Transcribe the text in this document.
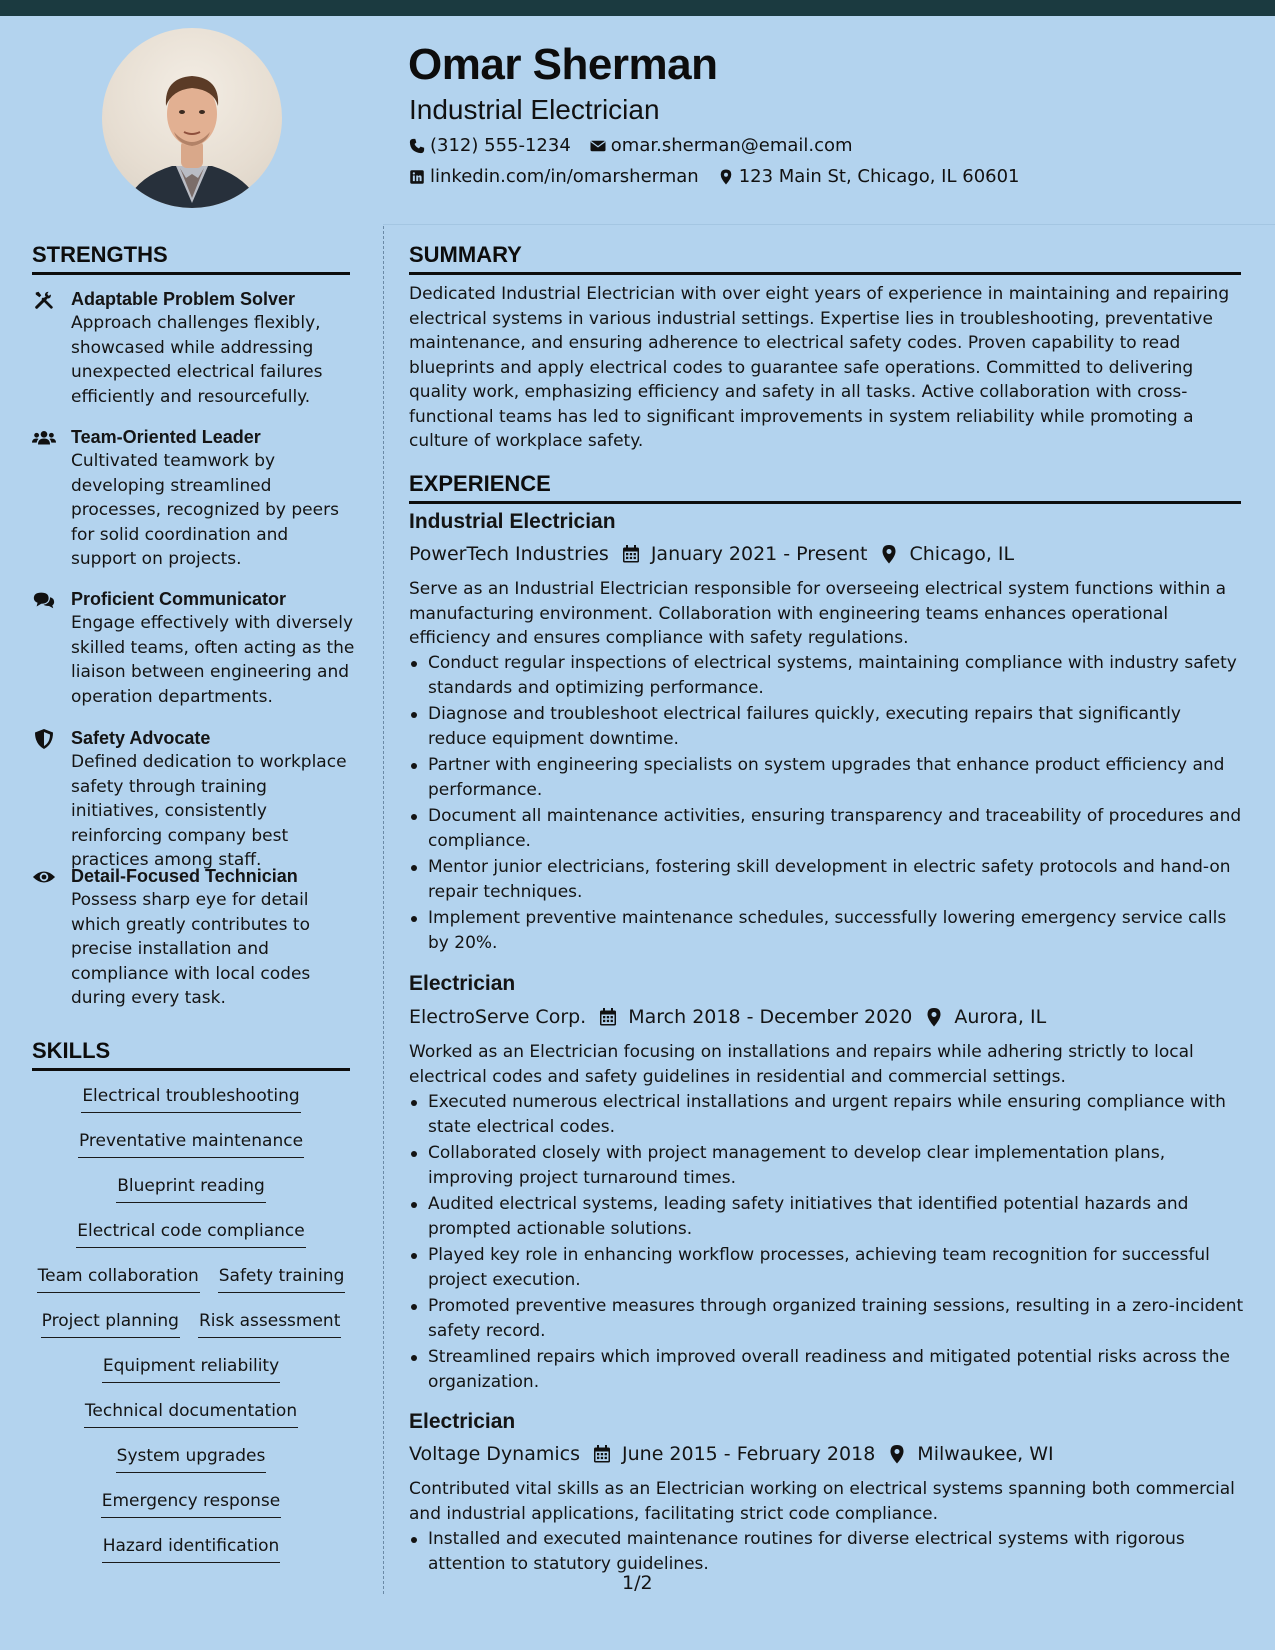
Omar Sherman
Industrial Electrician
(312) 555-1234 omar.sherman@email.com
linkedin.com/in/omarsherman 123 Main St, Chicago, IL 60601
STRENGTHS
Adaptable Problem Solver
Approach challenges flexibly, showcased while addressing unexpected electrical failures efficiently and resourcefully.
Team-Oriented Leader
Cultivated teamwork by developing streamlined processes, recognized by peers for solid coordination and support on projects.
Proficient Communicator
Engage effectively with diversely skilled teams, often acting as the liaison between engineering and operation departments.
Safety Advocate
Defined dedication to workplace safety through training initiatives, consistently reinforcing company best practices among staff.
Detail-Focused Technician
Possess sharp eye for detail which greatly contributes to precise installation and compliance with local codes during every task.
SKILLS
Electrical troubleshooting
Preventative maintenance
Blueprint reading
Electrical code compliance
Team collaboration Safety training
Project planning Risk assessment
Equipment reliability
Technical documentation
System upgrades
Emergency response
Hazard identification
SUMMARY
Dedicated Industrial Electrician with over eight years of experience in maintaining and repairing electrical systems in various industrial settings. Expertise lies in troubleshooting, preventative maintenance, and ensuring adherence to electrical safety codes. Proven capability to read blueprints and apply electrical codes to guarantee safe operations. Committed to delivering quality work, emphasizing efficiency and safety in all tasks. Active collaboration with cross-functional teams has led to significant improvements in system reliability while promoting a culture of workplace safety.
EXPERIENCE
Industrial Electrician
PowerTech Industries January 2021 - Present Chicago, IL
Serve as an Industrial Electrician responsible for overseeing electrical system functions within a manufacturing environment. Collaboration with engineering teams enhances operational efficiency and ensures compliance with safety regulations.
Conduct regular inspections of electrical systems, maintaining compliance with industry safety standards and optimizing performance.
Diagnose and troubleshoot electrical failures quickly, executing repairs that significantly reduce equipment downtime.
Partner with engineering specialists on system upgrades that enhance product efficiency and performance.
Document all maintenance activities, ensuring transparency and traceability of procedures and compliance.
Mentor junior electricians, fostering skill development in electric safety protocols and hand-on repair techniques.
Implement preventive maintenance schedules, successfully lowering emergency service calls by 20%.
Electrician
ElectroServe Corp. March 2018 - December 2020 Aurora, IL
Worked as an Electrician focusing on installations and repairs while adhering strictly to local electrical codes and safety guidelines in residential and commercial settings.
Executed numerous electrical installations and urgent repairs while ensuring compliance with state electrical codes.
Collaborated closely with project management to develop clear implementation plans, improving project turnaround times.
Audited electrical systems, leading safety initiatives that identified potential hazards and prompted actionable solutions.
Played key role in enhancing workflow processes, achieving team recognition for successful project execution.
Promoted preventive measures through organized training sessions, resulting in a zero-incident safety record.
Streamlined repairs which improved overall readiness and mitigated potential risks across the organization.
Electrician
Voltage Dynamics June 2015 - February 2018 Milwaukee, WI
Contributed vital skills as an Electrician working on electrical systems spanning both commercial and industrial applications, facilitating strict code compliance.
Installed and executed maintenance routines for diverse electrical systems with rigorous attention to statutory guidelines.
1/2
